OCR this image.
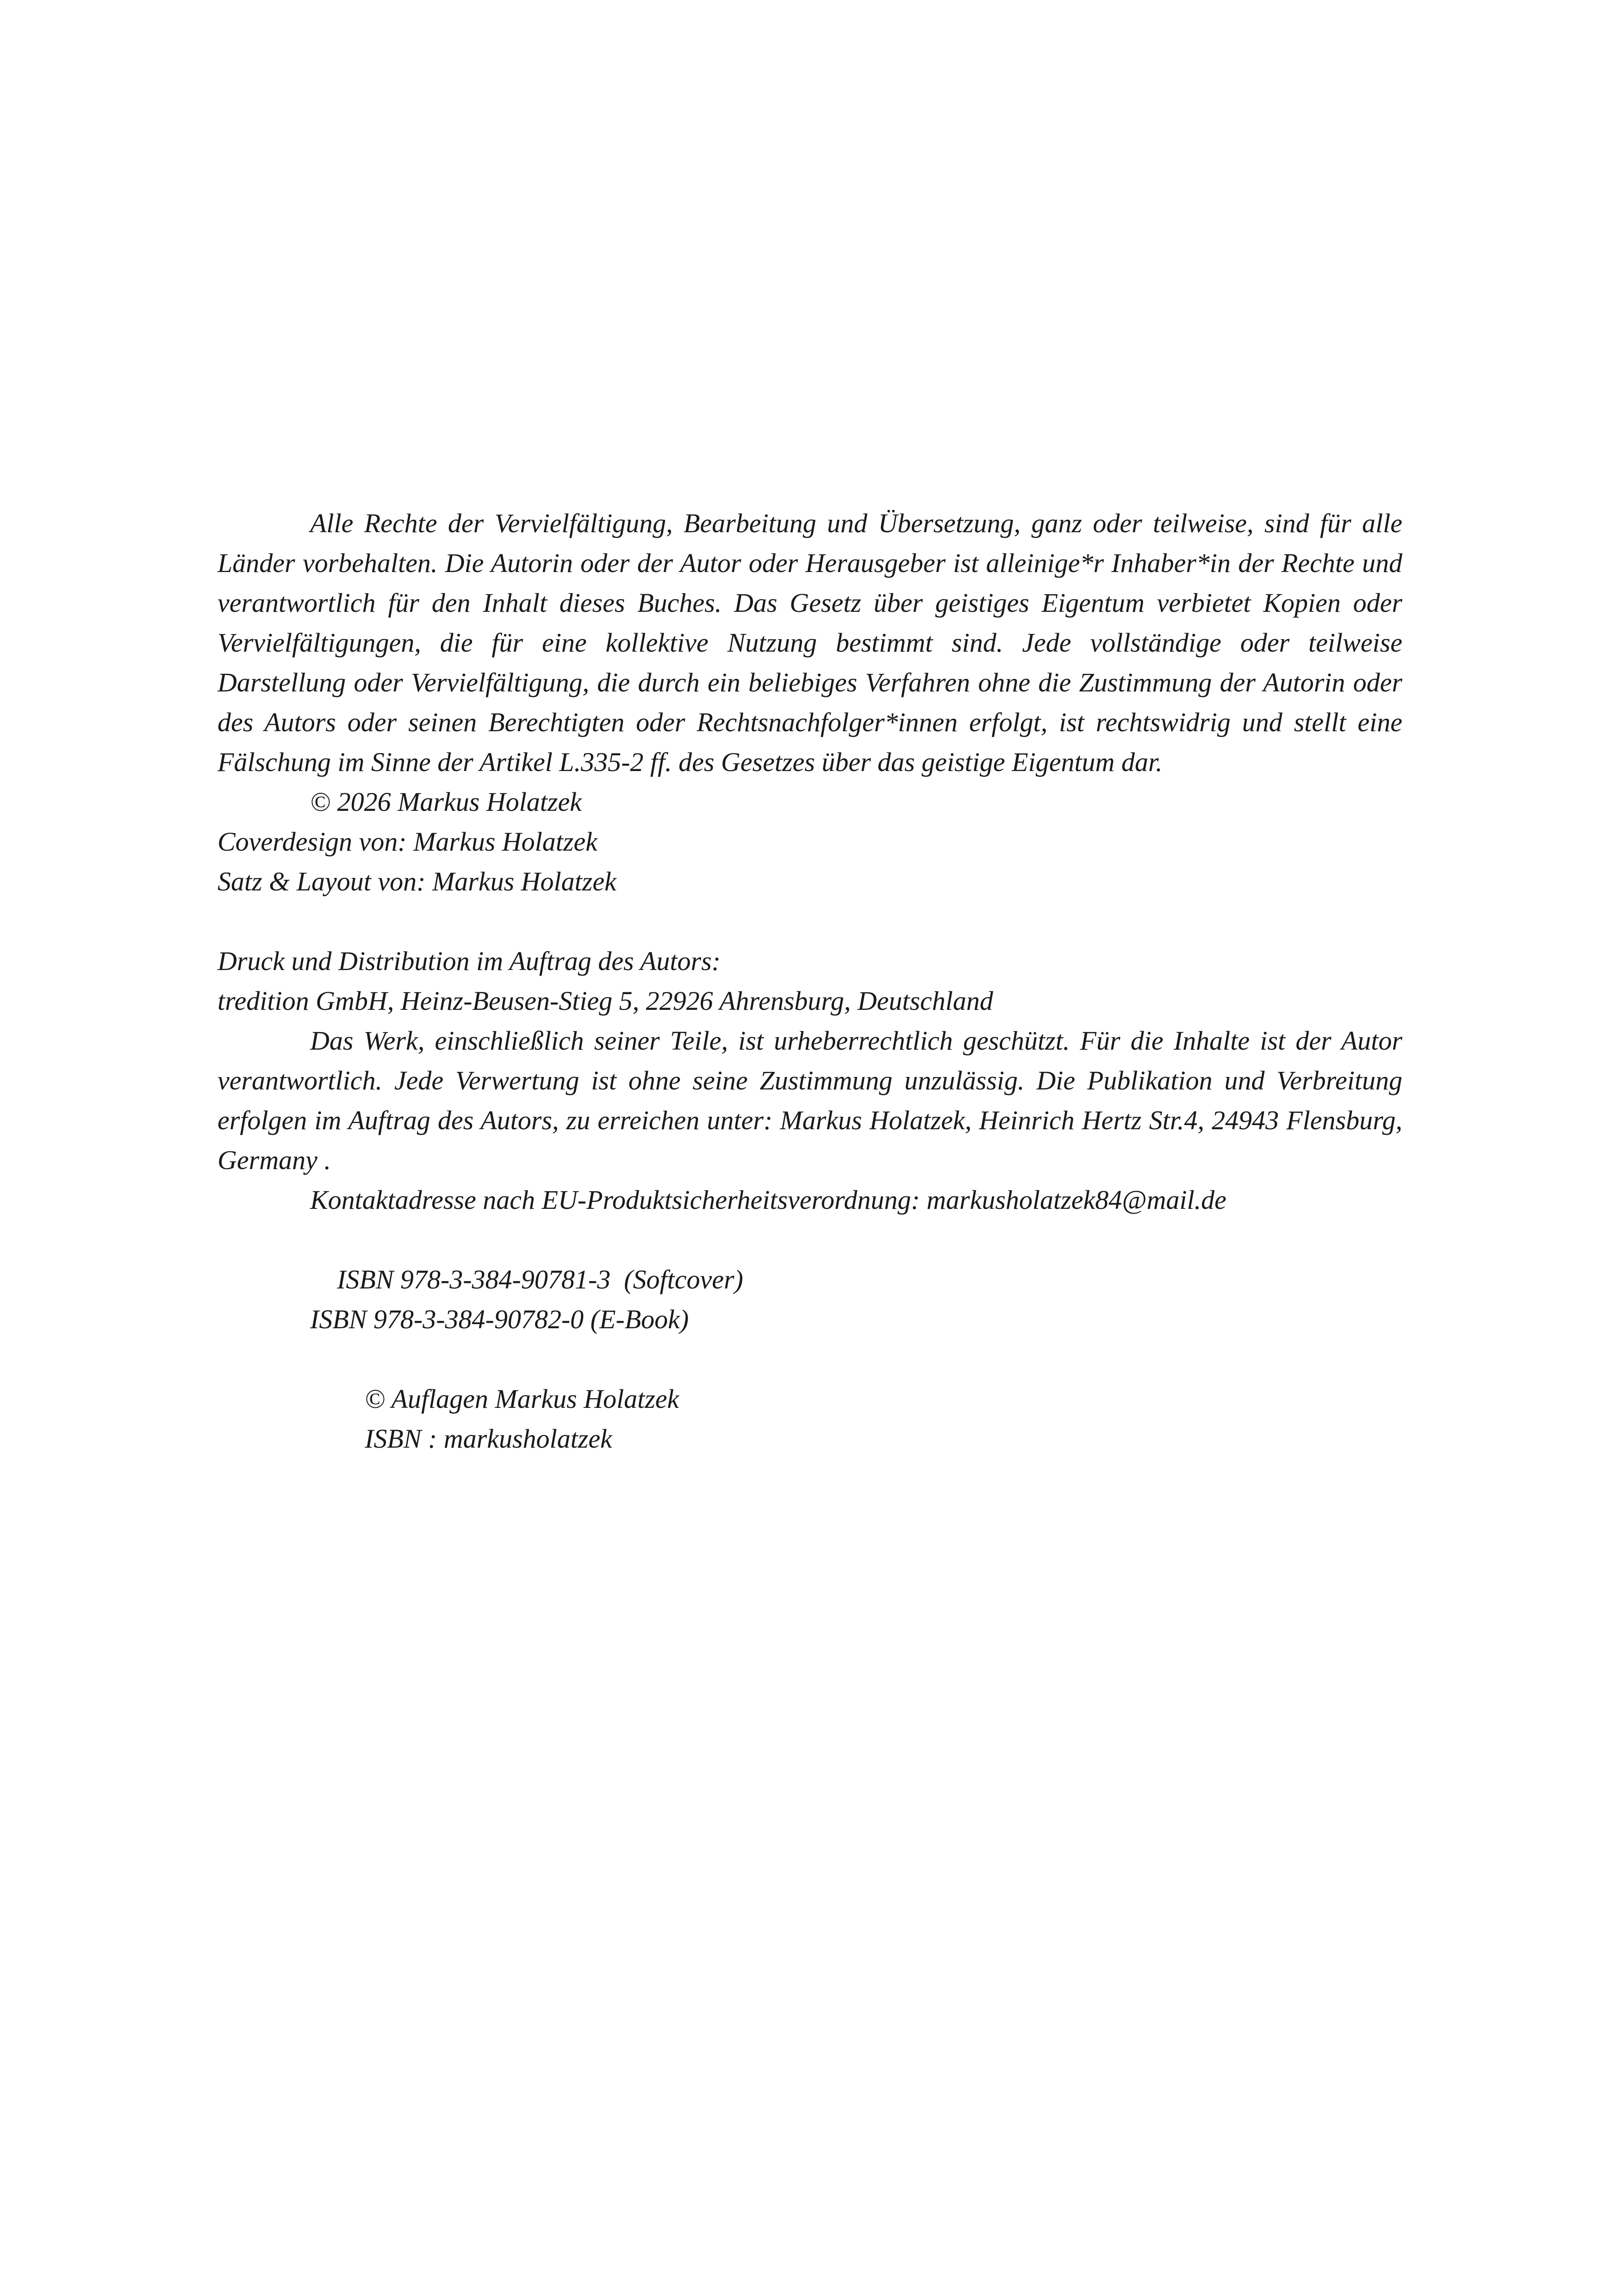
Alle Rechte der Vervielfältigung, Bearbeitung und Übersetzung, ganz oder teilweise, sind für alle Länder vorbehalten. Die Autorin oder der Autor oder Herausgeber ist alleinige*r Inhaber*in der Rechte und verantwortlich für den Inhalt dieses Buches. Das Gesetz über geistiges Eigentum verbietet Kopien oder Vervielfältigungen, die für eine kollektive Nutzung bestimmt sind. Jede vollständige oder teilweise Darstellung oder Vervielfältigung, die durch ein beliebiges Verfahren ohne die Zustimmung der Autorin oder des Autors oder seinen Berechtigten oder Rechtsnachfolger*innen erfolgt, ist rechtswidrig und stellt eine Fälschung im Sinne der Artikel L.335-2 ff. des Gesetzes über das geistige Eigentum dar.

© 2026 Markus Holatzek

Coverdesign von: Markus Holatzek

Satz & Layout von: Markus Holatzek

Druck und Distribution im Auftrag des Autors:

tredition GmbH, Heinz-Beusen-Stieg 5, 22926 Ahrensburg, Deutschland

Das Werk, einschließlich seiner Teile, ist urheberrechtlich geschützt. Für die Inhalte ist der Autor verantwortlich. Jede Verwertung ist ohne seine Zustimmung unzulässig. Die Publikation und Verbreitung erfolgen im Auftrag des Autors, zu erreichen unter: Markus Holatzek, Heinrich Hertz Str.4, 24943 Flensburg, Germany .

Kontaktadresse nach EU-Produktsicherheitsverordnung: markusholatzek84@mail.de

ISBN 978-3-384-90781-3  (Softcover)

ISBN 978-3-384-90782-0 (E-Book)

© Auflagen Markus Holatzek

ISBN : markusholatzek
